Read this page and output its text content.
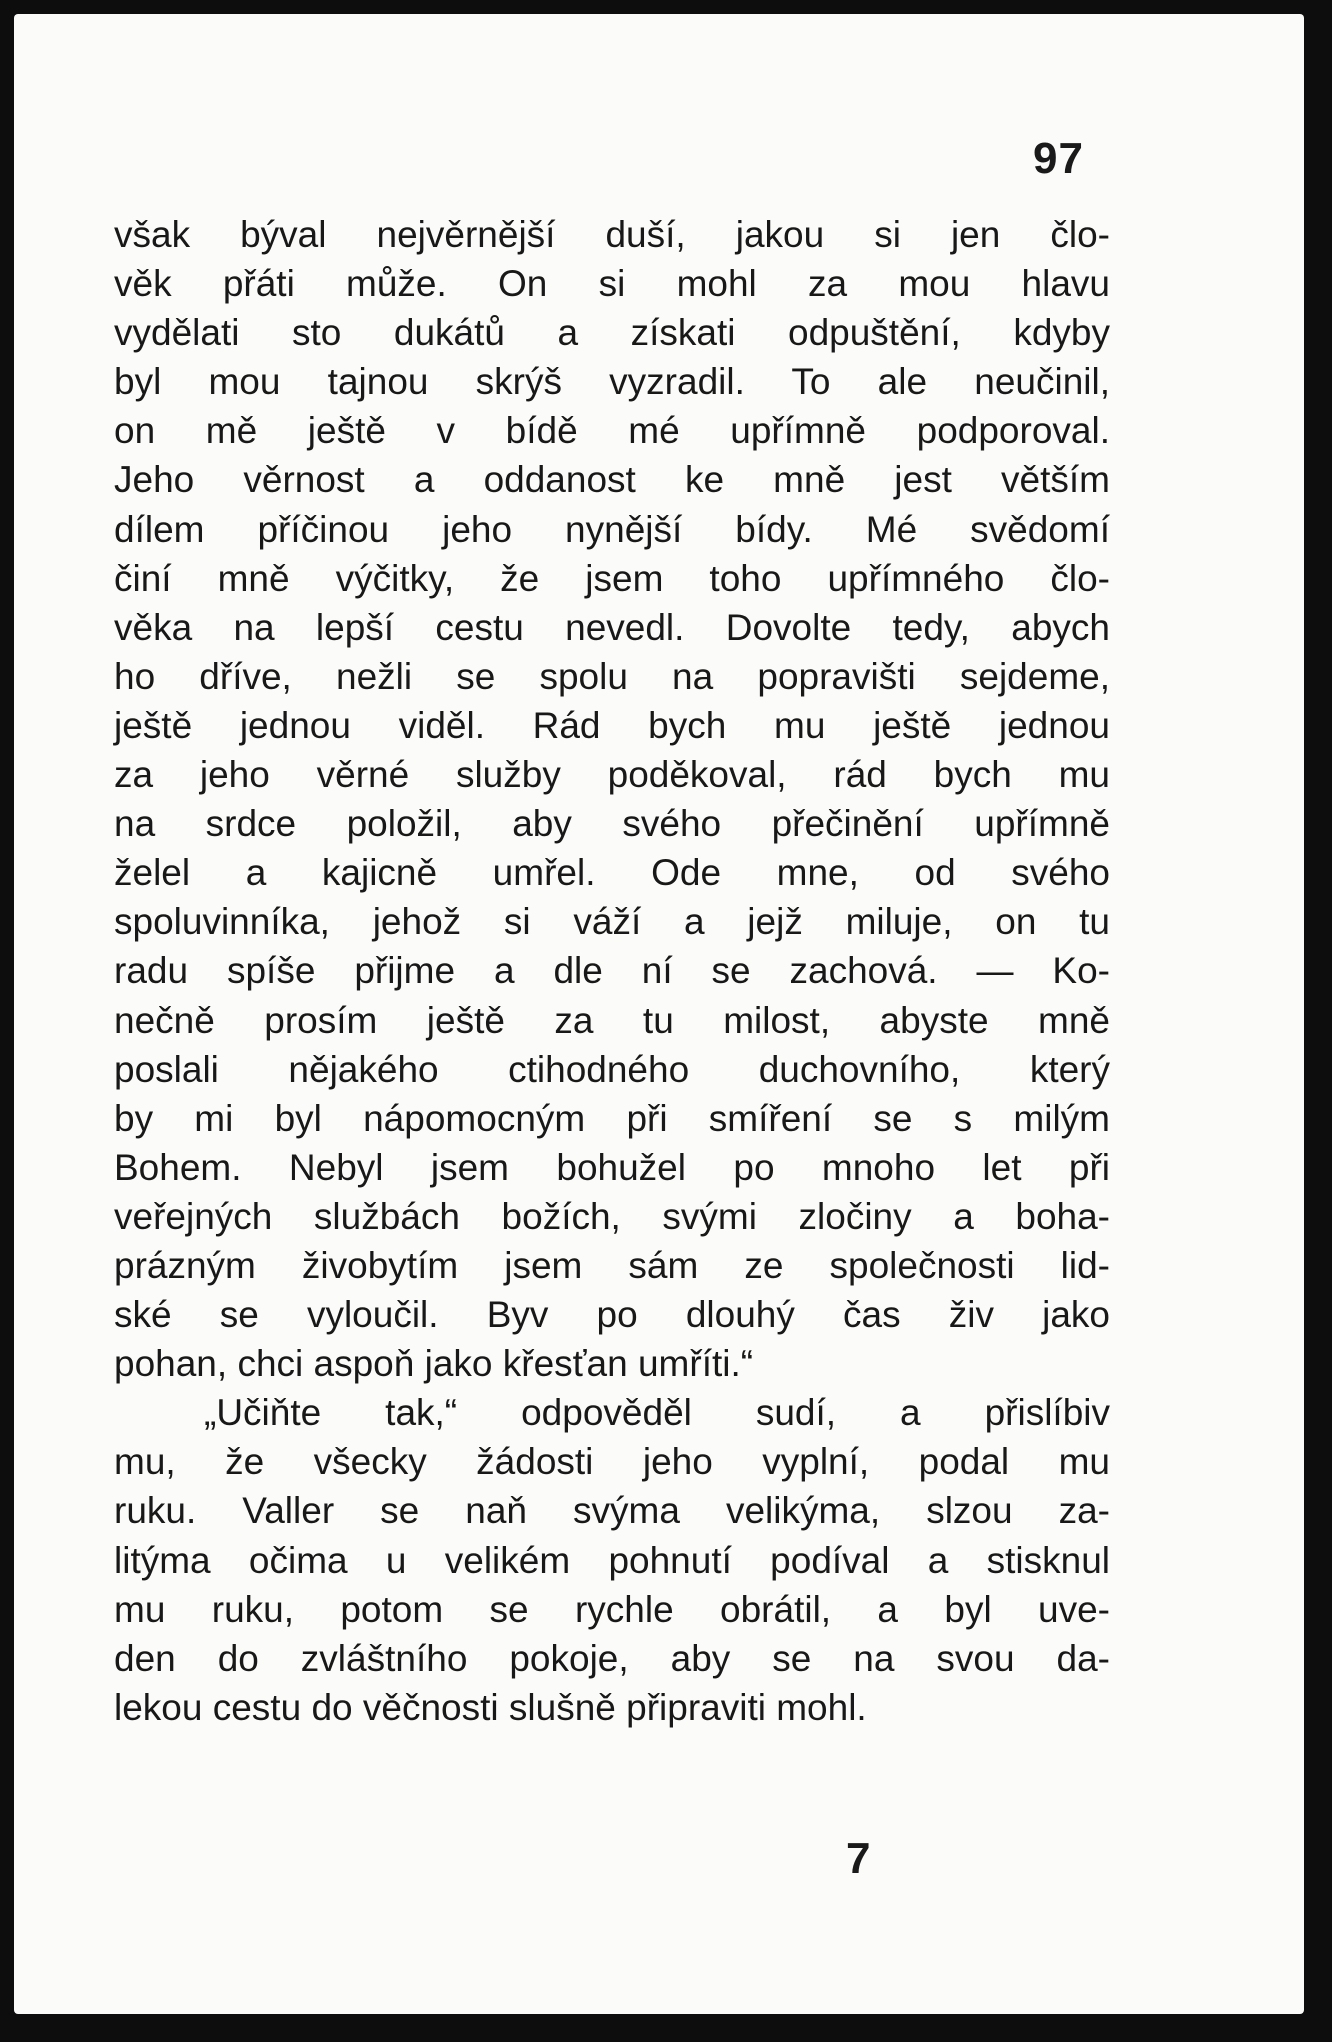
97
však býval nejvěrnější duší, jakou si jen člo-
věk přáti může. On si mohl za mou hlavu
vydělati sto dukátů a získati odpuštění, kdyby
byl mou tajnou skrýš vyzradil. To ale neučinil,
on mě ještě v bídě mé upřímně podporoval.
Jeho věrnost a oddanost ke mně jest větším
dílem příčinou jeho nynější bídy. Mé svědomí
činí mně výčitky, že jsem toho upřímného člo-
věka na lepší cestu nevedl. Dovolte tedy, abych
ho dříve, nežli se spolu na popravišti sejdeme,
ještě jednou viděl. Rád bych mu ještě jednou
za jeho věrné služby poděkoval, rád bych mu
na srdce položil, aby svého přečinění upřímně
želel a kajicně umřel. Ode mne, od svého
spoluvinníka, jehož si váží a jejž miluje, on tu
radu spíše přijme a dle ní se zachová. — Ko-
nečně prosím ještě za tu milost, abyste mně
poslali nějakého ctihodného duchovního, který
by mi byl nápomocným při smíření se s milým
Bohem. Nebyl jsem bohužel po mnoho let při
veřejných službách božích, svými zločiny a boha-
prázným živobytím jsem sám ze společnosti lid-
ské se vyloučil. Byv po dlouhý čas živ jako
pohan, chci aspoň jako křesťan umříti.“
„Učiňte tak,“ odpověděl sudí, a přislíbiv
mu, že všecky žádosti jeho vyplní, podal mu
ruku. Valler se naň svýma velikýma, slzou za-
litýma očima u velikém pohnutí podíval a stisknul
mu ruku, potom se rychle obrátil, a byl uve-
den do zvláštního pokoje, aby se na svou da-
lekou cestu do věčnosti slušně připraviti mohl.
7
